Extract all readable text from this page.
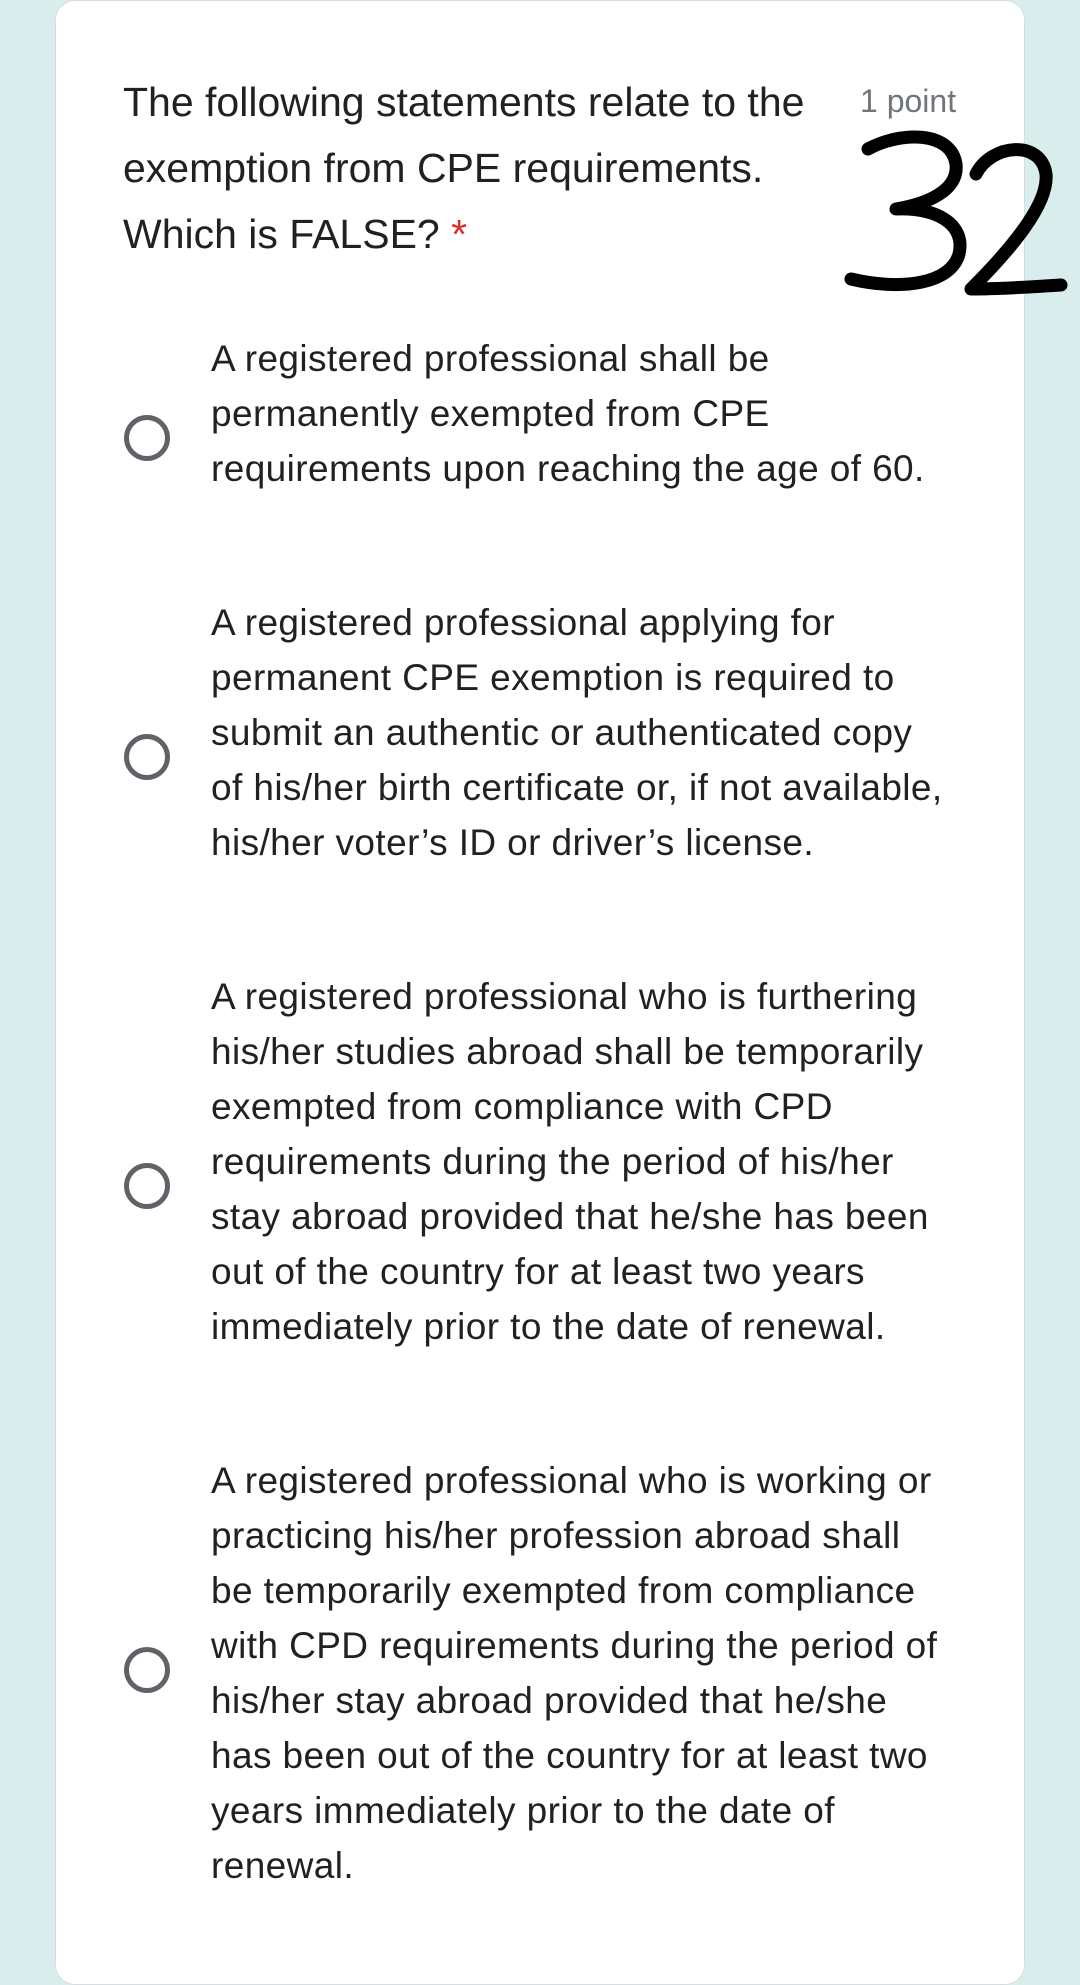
The following statements relate to the exemption from CPE requirements. Which is FALSE? *
1 point
A registered professional shall be permanently exempted from CPE requirements upon reaching the age of 60.
A registered professional applying for permanent CPE exemption is required to submit an authentic or authenticated copy of his/her birth certificate or, if not available, his/her voter’s ID or driver’s license.
A registered professional who is furthering his/her studies abroad shall be temporarily exempted from compliance with CPD requirements during the period of his/her stay abroad provided that he/she has been out of the country for at least two years immediately prior to the date of renewal.
A registered professional who is working or practicing his/her profession abroad shall be temporarily exempted from compliance with CPD requirements during the period of his/her stay abroad provided that he/she has been out of the country for at least two years immediately prior to the date of renewal.
